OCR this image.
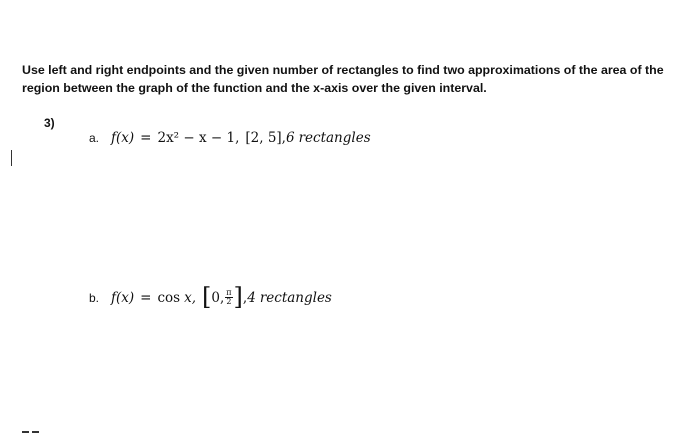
Use left and right endpoints and the given number of rectangles to find two approximations of the area of the region between the graph of the function and the x-axis over the given interval.
3)
a. f(x) = 2x² − x − 1, [2, 5], 6 rectangles
b. f(x) = cos x, [ 0, $\frac{\pi}{2}$ ] , 4 rectangles
